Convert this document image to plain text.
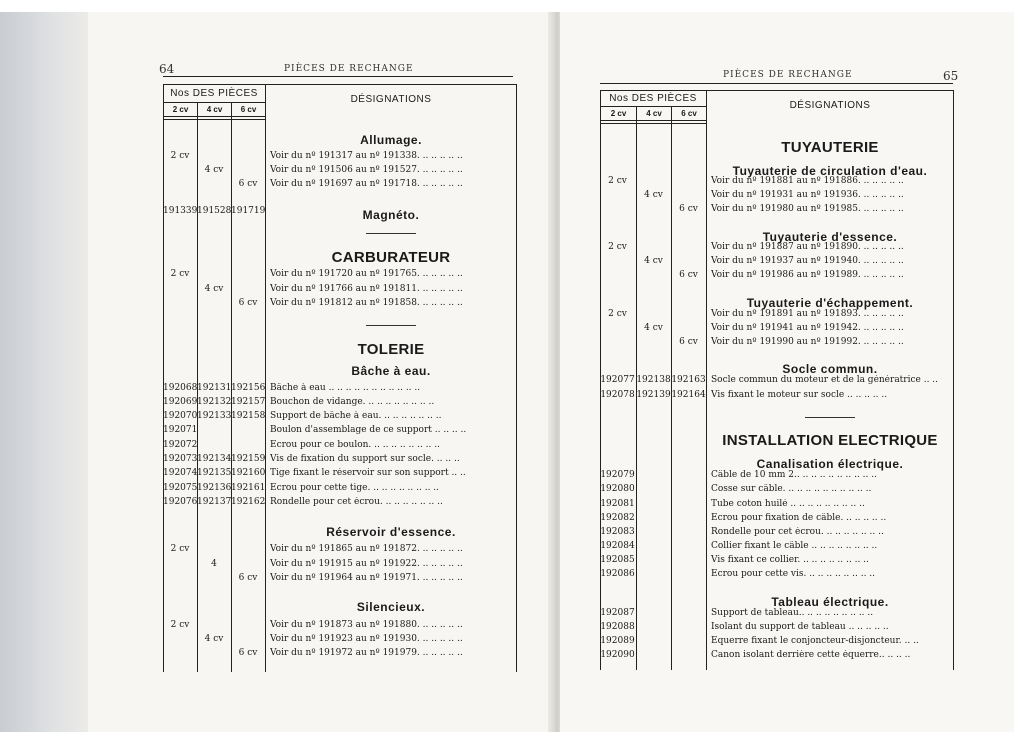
64	PIÈCES DE RECHANGE
Nos DES PIÈCES
2 cv	4 cv	6 cv
DÉSIGNATIONS
Allumage.
Magnéto.
CARBURATEUR
TOLERIE
Bâche à eau.
Réservoir d'essence.
Silencieux.
2 cv	Voir du nº 191317 au nº 191338. .. .. .. .. ..
4 cv	Voir du nº 191506 au nº 191527. .. .. .. .. ..
6 cv	Voir du nº 191697 au nº 191718. .. .. .. .. ..
191339 191528 191719
2 cv	Voir du nº 191720 au nº 191765. .. .. .. .. ..
4 cv	Voir du nº 191766 au nº 191811. .. .. .. .. ..
6 cv	Voir du nº 191812 au nº 191858. .. .. .. .. ..
192068 192131 192156 Bâche à eau .. .. .. .. .. .. .. .. .. .. ..
192069 192132 192157 Bouchon de vidange. .. .. .. .. .. .. .. ..
192070 192133 192158 Support de bâche à eau. .. .. .. .. .. .. ..
192071	Boulon d'assemblage de ce support .. .. .. ..
192072	Écrou pour ce boulon. .. .. .. .. .. .. .. ..
192073 192134 192159 Vis de fixation du support sur socle. .. .. ..
192074 192135 192160 Tige fixant le réservoir sur son support .. ..
192075 192136 192161 Écrou pour cette tige. .. .. .. .. .. .. .. ..
192076 192137 192162 Rondelle pour cet écrou. .. .. .. .. .. .. ..
2 cv	Voir du nº 191865 au nº 191872. .. .. .. .. ..
4	Voir du nº 191915 au nº 191922. .. .. .. .. ..
6 cv	Voir du nº 191964 au nº 191971. .. .. .. .. ..
2 cv	Voir du nº 191873 au nº 191880. .. .. .. .. ..
4 cv	Voir du nº 191923 au nº 191930. .. .. .. .. ..
6 cv	Voir du nº 191972 au nº 191979. .. .. .. .. ..
PIÈCES DE RECHANGE	65
Nos DES PIÈCES
2 cv	4 cv	6 cv
DÉSIGNATIONS
TUYAUTERIE
Tuyauterie de circulation d'eau.
Tuyauterie d'essence.
Tuyauterie d'échappement.
Socle commun.
INSTALLATION ELECTRIQUE
Canalisation électrique.
Tableau électrique.
2 cv	Voir du nº 191881 au nº 191886. .. .. .. .. ..
4 cv	Voir du nº 191931 au nº 191936. .. .. .. .. ..
6 cv	Voir du nº 191980 au nº 191985. .. .. .. .. ..
2 cv	Voir du nº 191887 au nº 191890. .. .. .. .. ..
4 cv	Voir du nº 191937 au nº 191940. .. .. .. .. ..
6 cv	Voir du nº 191986 au nº 191989. .. .. .. .. ..
2 cv	Voir du nº 191891 au nº 191893. .. .. .. .. ..
4 cv	Voir du nº 191941 au nº 191942. .. .. .. .. ..
6 cv	Voir du nº 191990 au nº 191992. .. .. .. .. ..
192077 192138 192163 Socle commun du moteur et de la génératrice .. ..
192078 192139 192164 Vis fixant le moteur sur socle .. .. .. .. ..
192079	Câble de 10 mm 2.. .. .. .. .. .. .. .. .. ..
192080	Cosse sur câble. .. .. .. .. .. .. .. .. .. ..
192081	Tube coton huilé .. .. .. .. .. .. .. .. ..
192082	Écrou pour fixation de câble. .. .. .. .. ..
192083	Rondelle pour cet écrou. .. .. .. .. .. .. ..
192084	Collier fixant le câble .. .. .. .. .. .. .. ..
192085	Vis fixant ce collier. .. .. .. .. .. .. .. ..
192086	Écrou pour cette vis. .. .. .. .. .. .. .. ..
192087	Support de tableau.. .. .. .. .. .. .. .. ..
192088	Isolant du support de tableau .. .. .. .. ..
192089	Équerre fixant le conjoncteur-disjoncteur. .. ..
192090	Canon isolant derrière cette équerre.. .. .. ..
